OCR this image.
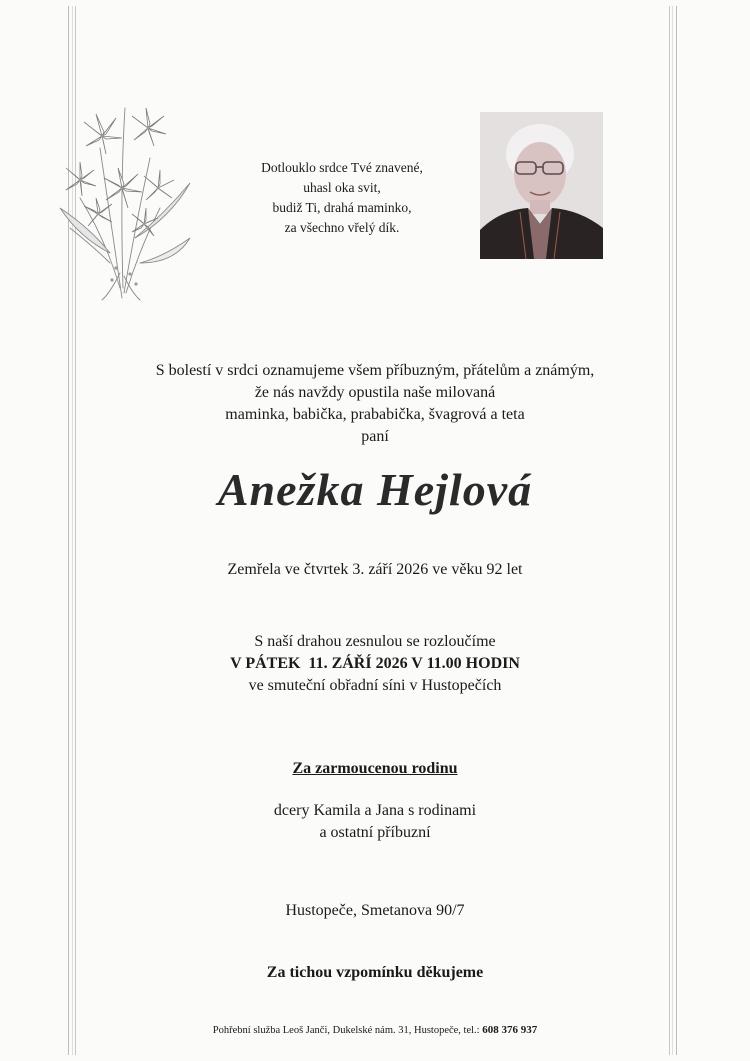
Dotlouklo srdce Tvé znavené,
uhasl oka svit,
budiž Ti, drahá maminko,
za všechno vřelý dík.
S bolestí v srdci oznamujeme všem příbuzným, přátelům a známým,
že nás navždy opustila naše milovaná
maminka, babička, prababička, švagrová a teta
paní
Anežka Hejlová
Zemřela ve čtvrtek 3. září 2026 ve věku 92 let
S naší drahou zesnulou se rozloučíme
V PÁTEK  11. ZÁŘÍ 2026 V 11.00 HODIN
ve smuteční obřadní síni v Hustopečích
Za zarmoucenou rodinu
dcery Kamila a Jana s rodinami
a ostatní příbuzní
Hustopeče, Smetanova 90/7
Za tichou vzpomínku děkujeme
Pohřební služba Leoš Janči, Dukelské nám. 31, Hustopeče, tel.: 608 376 937
